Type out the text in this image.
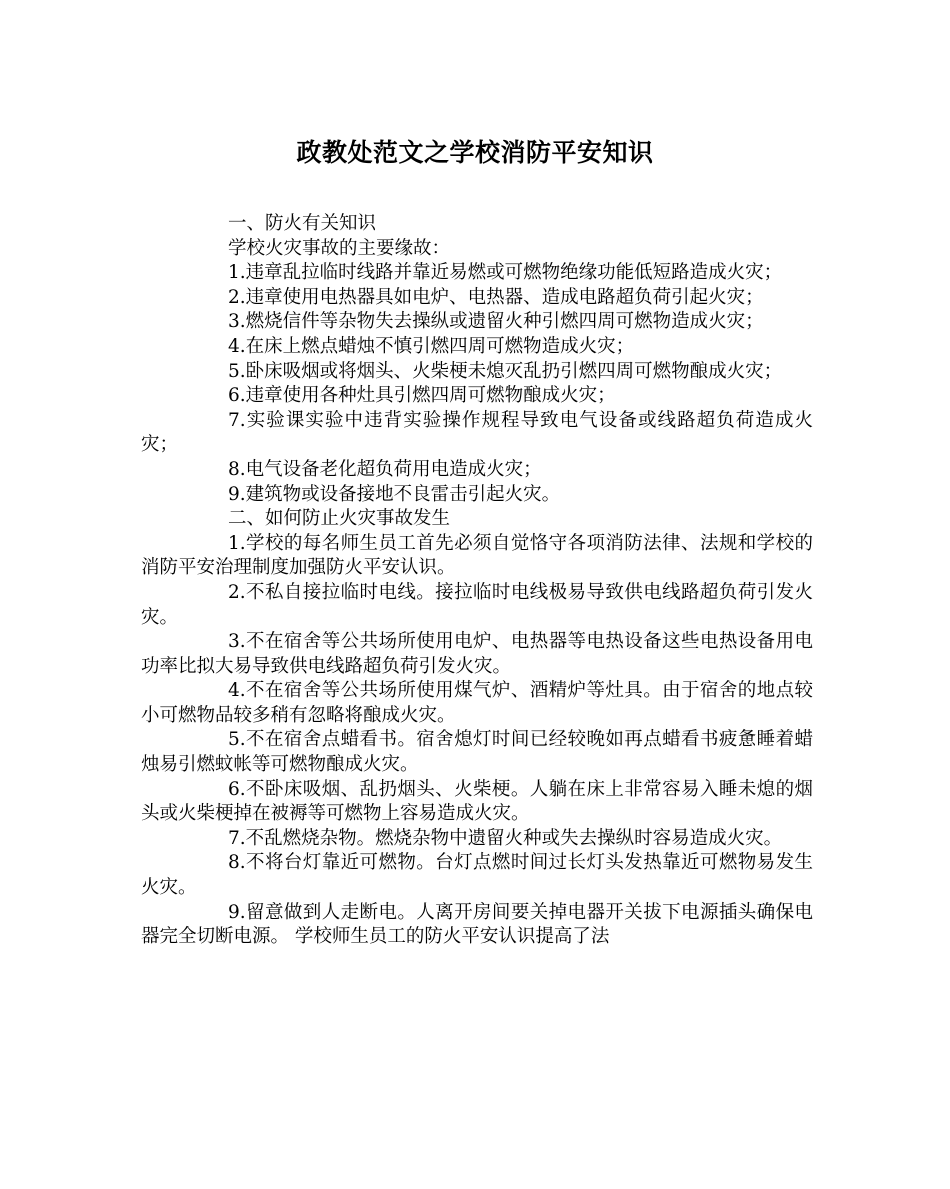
政教处范文之学校消防平安知识

一、防火有关知识

学校火灾事故的主要缘故：

1.违章乱拉临时线路并靠近易燃或可燃物绝缘功能低短路造成火灾；

2.违章使用电热器具如电炉、电热器、造成电路超负荷引起火灾；

3.燃烧信件等杂物失去操纵或遗留火种引燃四周可燃物造成火灾；

4.在床上燃点蜡烛不慎引燃四周可燃物造成火灾；

5.卧床吸烟或将烟头、火柴梗未熄灭乱扔引燃四周可燃物酿成火灾；

6.违章使用各种灶具引燃四周可燃物酿成火灾；

7.实验课实验中违背实验操作规程导致电气设备或线路超负荷造成火灾；

8.电气设备老化超负荷用电造成火灾；

9.建筑物或设备接地不良雷击引起火灾。

二、如何防止火灾事故发生

1.学校的每名师生员工首先必须自觉恪守各项消防法律、法规和学校的消防平安治理制度加强防火平安认识。

2.不私自接拉临时电线。接拉临时电线极易导致供电线路超负荷引发火灾。

3.不在宿舍等公共场所使用电炉、电热器等电热设备这些电热设备用电功率比拟大易导致供电线路超负荷引发火灾。

4.不在宿舍等公共场所使用煤气炉、酒精炉等灶具。由于宿舍的地点较小可燃物品较多稍有忽略将酿成火灾。

5.不在宿舍点蜡看书。宿舍熄灯时间已经较晚如再点蜡看书疲惫睡着蜡烛易引燃蚊帐等可燃物酿成火灾。

6.不卧床吸烟、乱扔烟头、火柴梗。人躺在床上非常容易入睡未熄的烟头或火柴梗掉在被褥等可燃物上容易造成火灾。

7.不乱燃烧杂物。燃烧杂物中遗留火种或失去操纵时容易造成火灾。

8.不将台灯靠近可燃物。台灯点燃时间过长灯头发热靠近可燃物易发生火灾。

9.留意做到人走断电。人离开房间要关掉电器开关拔下电源插头确保电器完全切断电源。 学校师生员工的防火平安认识提高了法
